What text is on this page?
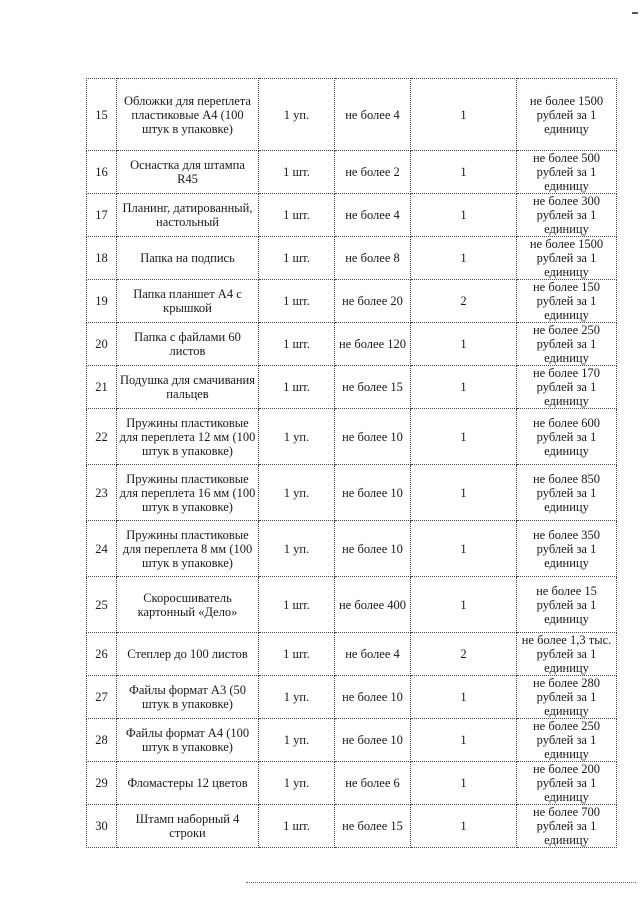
15	Обложки для переплета пластиковые А4 (100 штук в упаковке)	1 уп.	не более 4	1	не более 1500 рублей за 1 единицу
16	Оснастка для штампа R45	1 шт.	не более 2	1	не более 500 рублей за 1 единицу
17	Планинг, датированный, настольный	1 шт.	не более 4	1	не более 300 рублей за 1 единицу
18	Папка на подпись	1 шт.	не более 8	1	не более 1500 рублей за 1 единицу
19	Папка планшет А4 с крышкой	1 шт.	не более 20	2	не более 150 рублей за 1 единицу
20	Папка с файлами 60 листов	1 шт.	не более 120	1	не более 250 рублей за 1 единицу
21	Подушка для смачивания пальцев	1 шт.	не более 15	1	не более 170 рублей за 1 единицу
22	Пружины пластиковые для переплета 12 мм (100 штук в упаковке)	1 уп.	не более 10	1	не более 600 рублей за 1 единицу
23	Пружины пластиковые для переплета 16 мм (100 штук в упаковке)	1 уп.	не более 10	1	не более 850 рублей за 1 единицу
24	Пружины пластиковые для переплета 8 мм (100 штук в упаковке)	1 уп.	не более 10	1	не более 350 рублей за 1 единицу
25	Скоросшиватель картонный «Дело»	1 шт.	не более 400	1	не более 15 рублей за 1 единицу
26	Степлер до 100 листов	1 шт.	не более 4	2	не более 1,3 тыс. рублей за 1 единицу
27	Файлы формат А3 (50 штук в упаковке)	1 уп.	не более 10	1	не более 280 рублей за 1 единицу
28	Файлы формат А4 (100 штук в упаковке)	1 уп.	не более 10	1	не более 250 рублей за 1 единицу
29	Фломастеры 12 цветов	1 уп.	не более 6	1	не более 200 рублей за 1 единицу
30	Штамп наборный 4 строки	1 шт.	не более 15	1	не более 700 рублей за 1 единицу
